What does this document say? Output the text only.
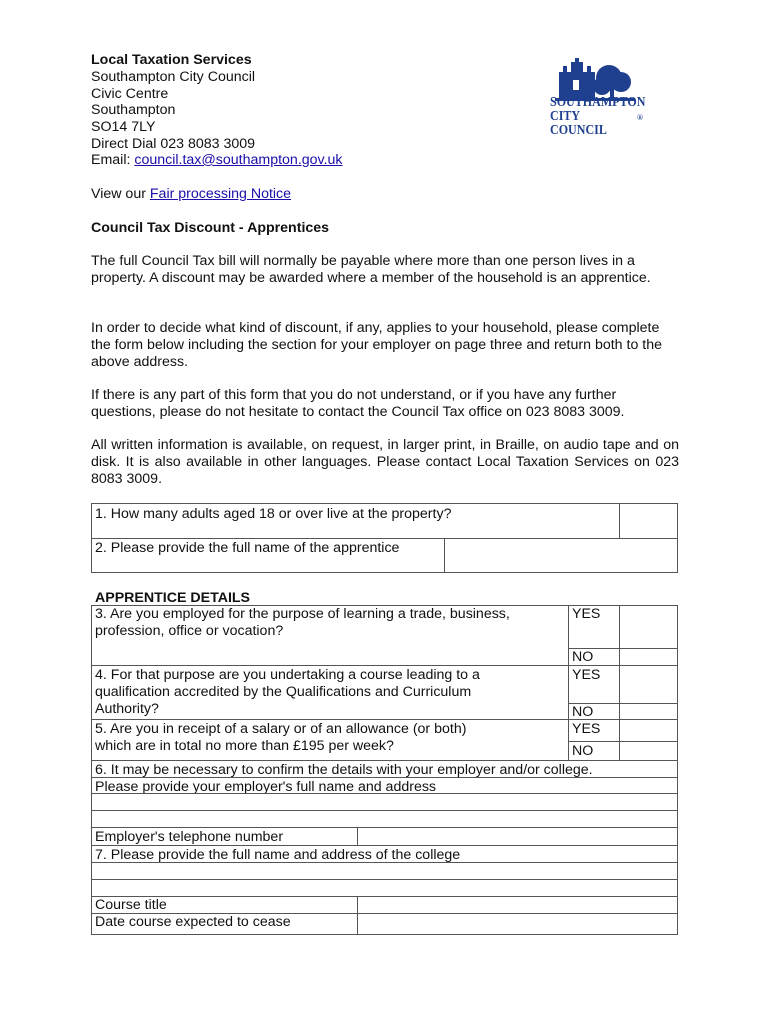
Local Taxation Services
Southampton City Council
Civic Centre
Southampton
SO14 7LY
Direct Dial 023 8083 3009
Email: council.tax@southampton.gov.uk
SOUTHAMPTON
CITY COUNCIL
®
View our Fair processing Notice
Council Tax Discount - Apprentices
The full Council Tax bill will normally be payable where more than one person lives in a property. A discount may be awarded where a member of the household is an apprentice.
In order to decide what kind of discount, if any, applies to your household, please complete the form below including the section for your employer on page three and return both to the above address.
If there is any part of this form that you do not understand, or if you have any further questions, please do not hesitate to contact the Council Tax office on 023 8083 3009.
All written information is available, on request, in larger print, in Braille, on audio tape and on disk. It is also available in other languages. Please contact Local Taxation Services on 023 8083 3009.
1. How many adults aged 18 or over live at the property?
2. Please provide the full name of the apprentice
APPRENTICE DETAILS
3. Are you employed for the purpose of learning a trade, business,
profession, office or vocation?
YES
NO
4. For that purpose are you undertaking a course leading to a
qualification accredited by the Qualifications and Curriculum
Authority?
YES
NO
5. Are you in receipt of a salary or of an allowance (or both)
which are in total no more than £195 per week?
YES
NO
6. It may be necessary to confirm the details with your employer and/or college.
Please provide your employer's full name and address
Employer's telephone number
7. Please provide the full name and address of the college
Course title
Date course expected to cease
